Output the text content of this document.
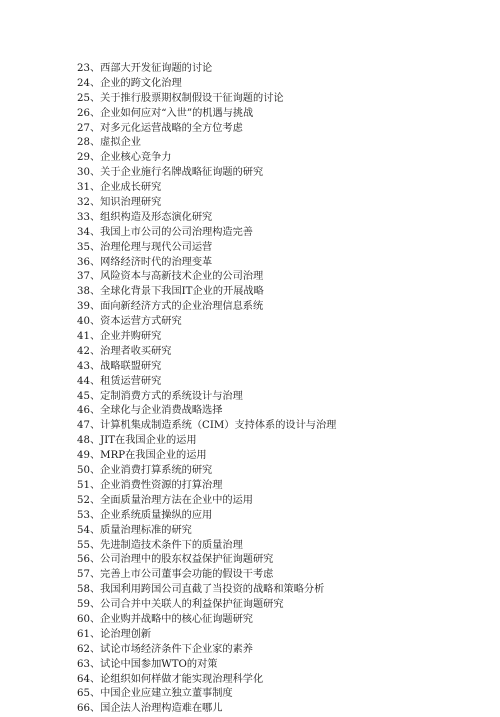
23、西部大开发征询题的讨论
24、企业的跨文化治理
25、关于推行股票期权制假设干征询题的讨论
26、企业如何应对“入世”的机遇与挑战
27、对多元化运营战略的全方位考虑
28、虚拟企业
29、企业核心竞争力
30、关于企业施行名牌战略征询题的研究
31、企业成长研究
32、知识治理研究
33、组织构造及形态演化研究
34、我国上市公司的公司治理构造完善
35、治理伦理与现代公司运营
36、网络经济时代的治理变革
37、风险资本与高新技术企业的公司治理
38、全球化背景下我国IT企业的开展战略
39、面向新经济方式的企业治理信息系统
40、资本运营方式研究
41、企业并购研究
42、治理者收买研究
43、战略联盟研究
44、租赁运营研究
45、定制消费方式的系统设计与治理
46、全球化与企业消费战略选择
47、计算机集成制造系统（CIM）支持体系的设计与治理
48、JIT在我国企业的运用
49、MRP在我国企业的运用
50、企业消费打算系统的研究
51、企业消费性资源的打算治理
52、全面质量治理方法在企业中的运用
53、企业系统质量操纵的应用
54、质量治理标准的研究
55、先进制造技术条件下的质量治理
56、公司治理中的股东权益保护征询题研究
57、完善上市公司董事会功能的假设干考虑
58、我国利用跨国公司直截了当投资的战略和策略分析
59、公司合并中关联人的利益保护征询题研究
60、企业购并战略中的核心征询题研究
61、论治理创新
62、试论市场经济条件下企业家的素养
63、试论中国参加WTO的对策
64、论组织如何样做才能实现治理科学化
65、中国企业应建立独立董事制度
66、国企法人治理构造难在哪儿
